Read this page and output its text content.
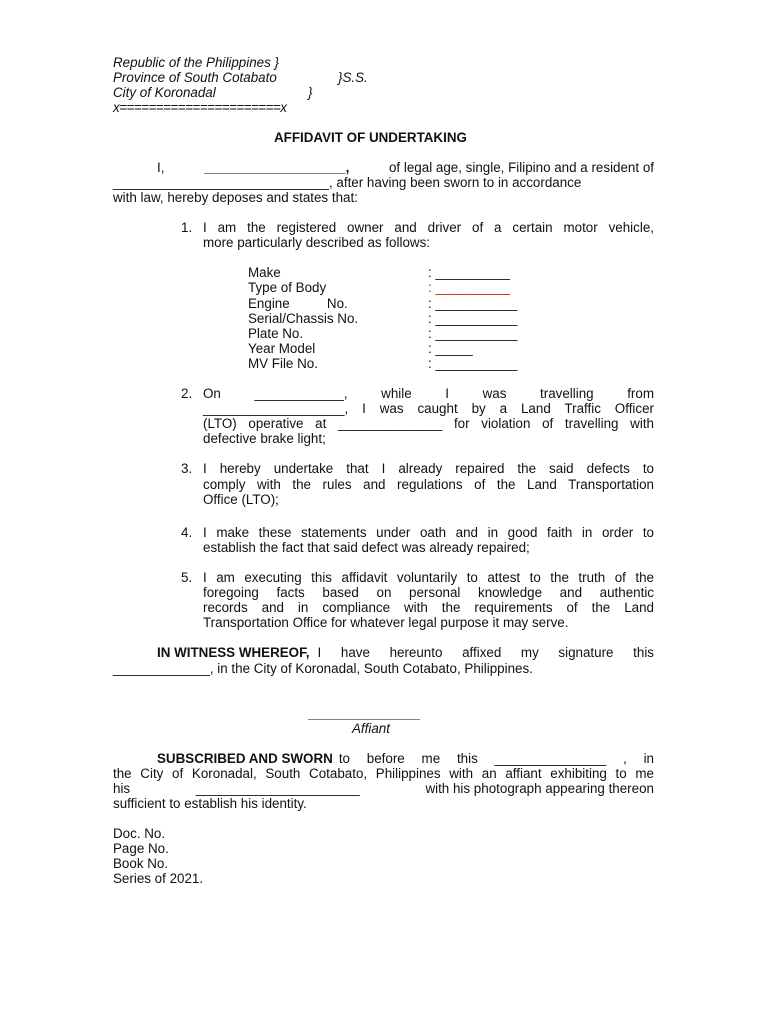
Republic of the Philippines }
Province of South Cotabato	}S.S.
City of Koronadal	}
x======================x
AFFIDAVIT OF UNDERTAKING
I,	___________________,	of legal age, single, Filipino and a resident of
_____________________________, after having been sworn to in accordance
with law, hereby deposes and states that:
1. I am the registered owner and driver of a certain motor vehicle,
more particularly described as follows:
Make	: __________
Type of Body	: __________
Engine          No.	: ___________
Serial/Chassis No.	: ___________
Plate No.	: ___________
Year Model	: _____
MV File No.	: ___________
2. On	____________,	while	I	was	travelling	from
___________________, I was caught by a Land Traffic Officer
(LTO) operative at ______________ for violation of travelling with
defective brake light;
3. I hereby undertake that I already repaired the said defects to
comply with the rules and regulations of the Land Transportation
Office (LTO);
4. I make these statements under oath and in good faith in order to
establish the fact that said defect was already repaired;
5. I am executing this affidavit voluntarily to attest to the truth of the
foregoing facts based on personal knowledge and authentic
records and in compliance with the requirements of the Land
Transportation Office for whatever legal purpose it may serve.
IN WITNESS WHEREOF, I have hereunto affixed my signature this
_____________, in the City of Koronadal, South Cotabato, Philippines.
_______________
Affiant
SUBSCRIBED AND SWORN to before me this _______________ , in
the City of Koronadal, South Cotabato, Philippines with an affiant exhibiting to me
his	______________________	with his photograph appearing thereon
sufficient to establish his identity.
Doc. No.
Page No.
Book No.
Series of 2021.
